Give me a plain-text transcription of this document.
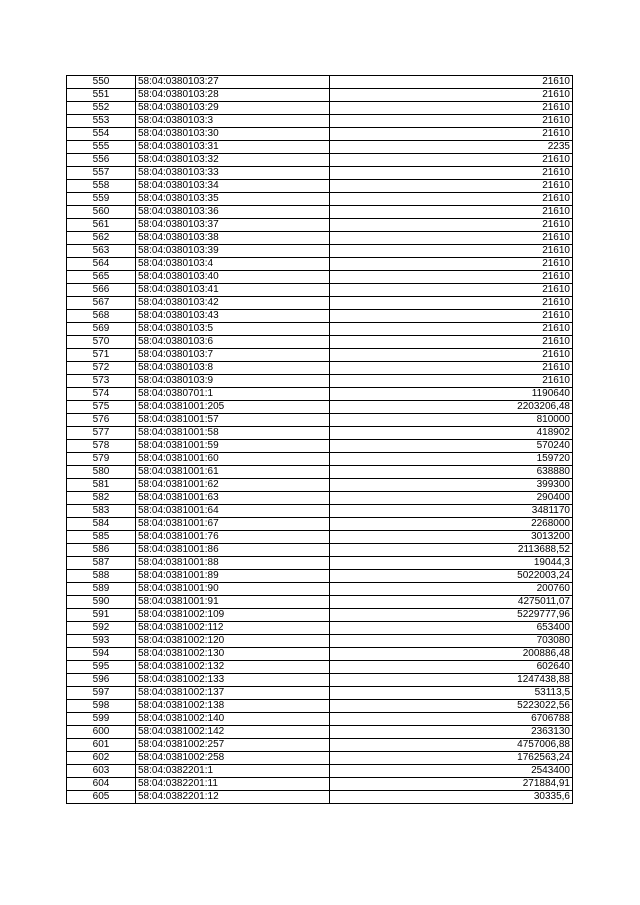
550	58:04:0380103:27	21610
551	58:04:0380103:28	21610
552	58:04:0380103:29	21610
553	58:04:0380103:3	21610
554	58:04:0380103:30	21610
555	58:04:0380103:31	2235
556	58:04:0380103:32	21610
557	58:04:0380103:33	21610
558	58:04:0380103:34	21610
559	58:04:0380103:35	21610
560	58:04:0380103:36	21610
561	58:04:0380103:37	21610
562	58:04:0380103:38	21610
563	58:04:0380103:39	21610
564	58:04:0380103:4	21610
565	58:04:0380103:40	21610
566	58:04:0380103:41	21610
567	58:04:0380103:42	21610
568	58:04:0380103:43	21610
569	58:04:0380103:5	21610
570	58:04:0380103:6	21610
571	58:04:0380103:7	21610
572	58:04:0380103:8	21610
573	58:04:0380103:9	21610
574	58:04:0380701:1	1190640
575	58:04:0381001:205	2203206,48
576	58:04:0381001:57	810000
577	58:04:0381001:58	418902
578	58:04:0381001:59	570240
579	58:04:0381001:60	159720
580	58:04:0381001:61	638880
581	58:04:0381001:62	399300
582	58:04:0381001:63	290400
583	58:04:0381001:64	3481170
584	58:04:0381001:67	2268000
585	58:04:0381001:76	3013200
586	58:04:0381001:86	2113688,52
587	58:04:0381001:88	19044,3
588	58:04:0381001:89	5022003,24
589	58:04:0381001:90	200760
590	58:04:0381001:91	4275011,07
591	58:04:0381002:109	5229777,96
592	58:04:0381002:112	653400
593	58:04:0381002:120	703080
594	58:04:0381002:130	200886,48
595	58:04:0381002:132	602640
596	58:04:0381002:133	1247438,88
597	58:04:0381002:137	53113,5
598	58:04:0381002:138	5223022,56
599	58:04:0381002:140	6706788
600	58:04:0381002:142	2363130
601	58:04:0381002:257	4757006,88
602	58:04:0381002:258	1762563,24
603	58:04:0382201:1	2543400
604	58:04:0382201:11	271884,91
605	58:04:0382201:12	30335,6
